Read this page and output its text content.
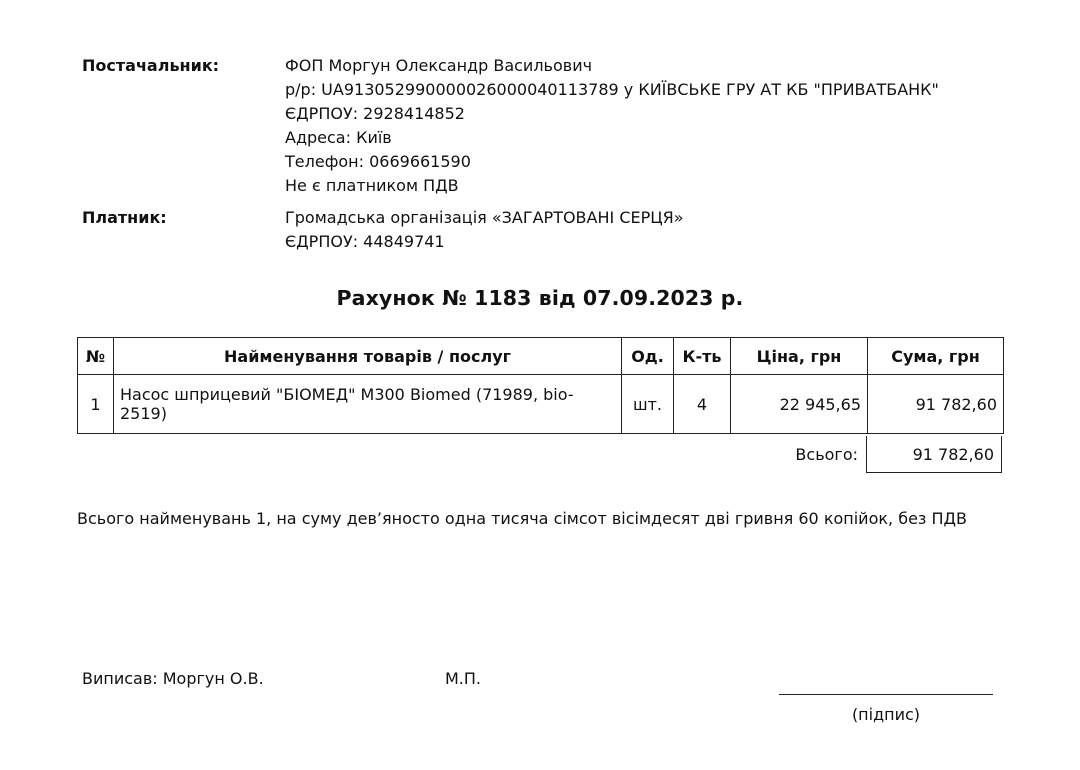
Постачальник:	ФОП Моргун Олександр Васильович
р/р: UA913052990000026000040113789 у КИЇВСЬКЕ ГРУ АТ КБ "ПРИВАТБАНК"
ЄДРПОУ: 2928414852
Адреса: Київ
Телефон: 0669661590
Не є платником ПДВ
Платник:	Громадська організація «ЗАГАРТОВАНІ СЕРЦЯ»
ЄДРПОУ: 44849741
Рахунок № 1183 від 07.09.2023 р.
№	Найменування товарів / послуг	Од.	К-ть	Ціна, грн	Сума, грн
1	Насос шприцевий "БІОМЕД" М300 Biomed (71989, bio-2519)	шт.	4	22 945,65	91 782,60
Всього:	91 782,60
Всього найменувань 1, на суму дев’яносто одна тисяча сімсот вісімдесят дві гривня 60 копійок, без ПДВ
Виписав: Моргун О.В.	М.П.
(підпис)
